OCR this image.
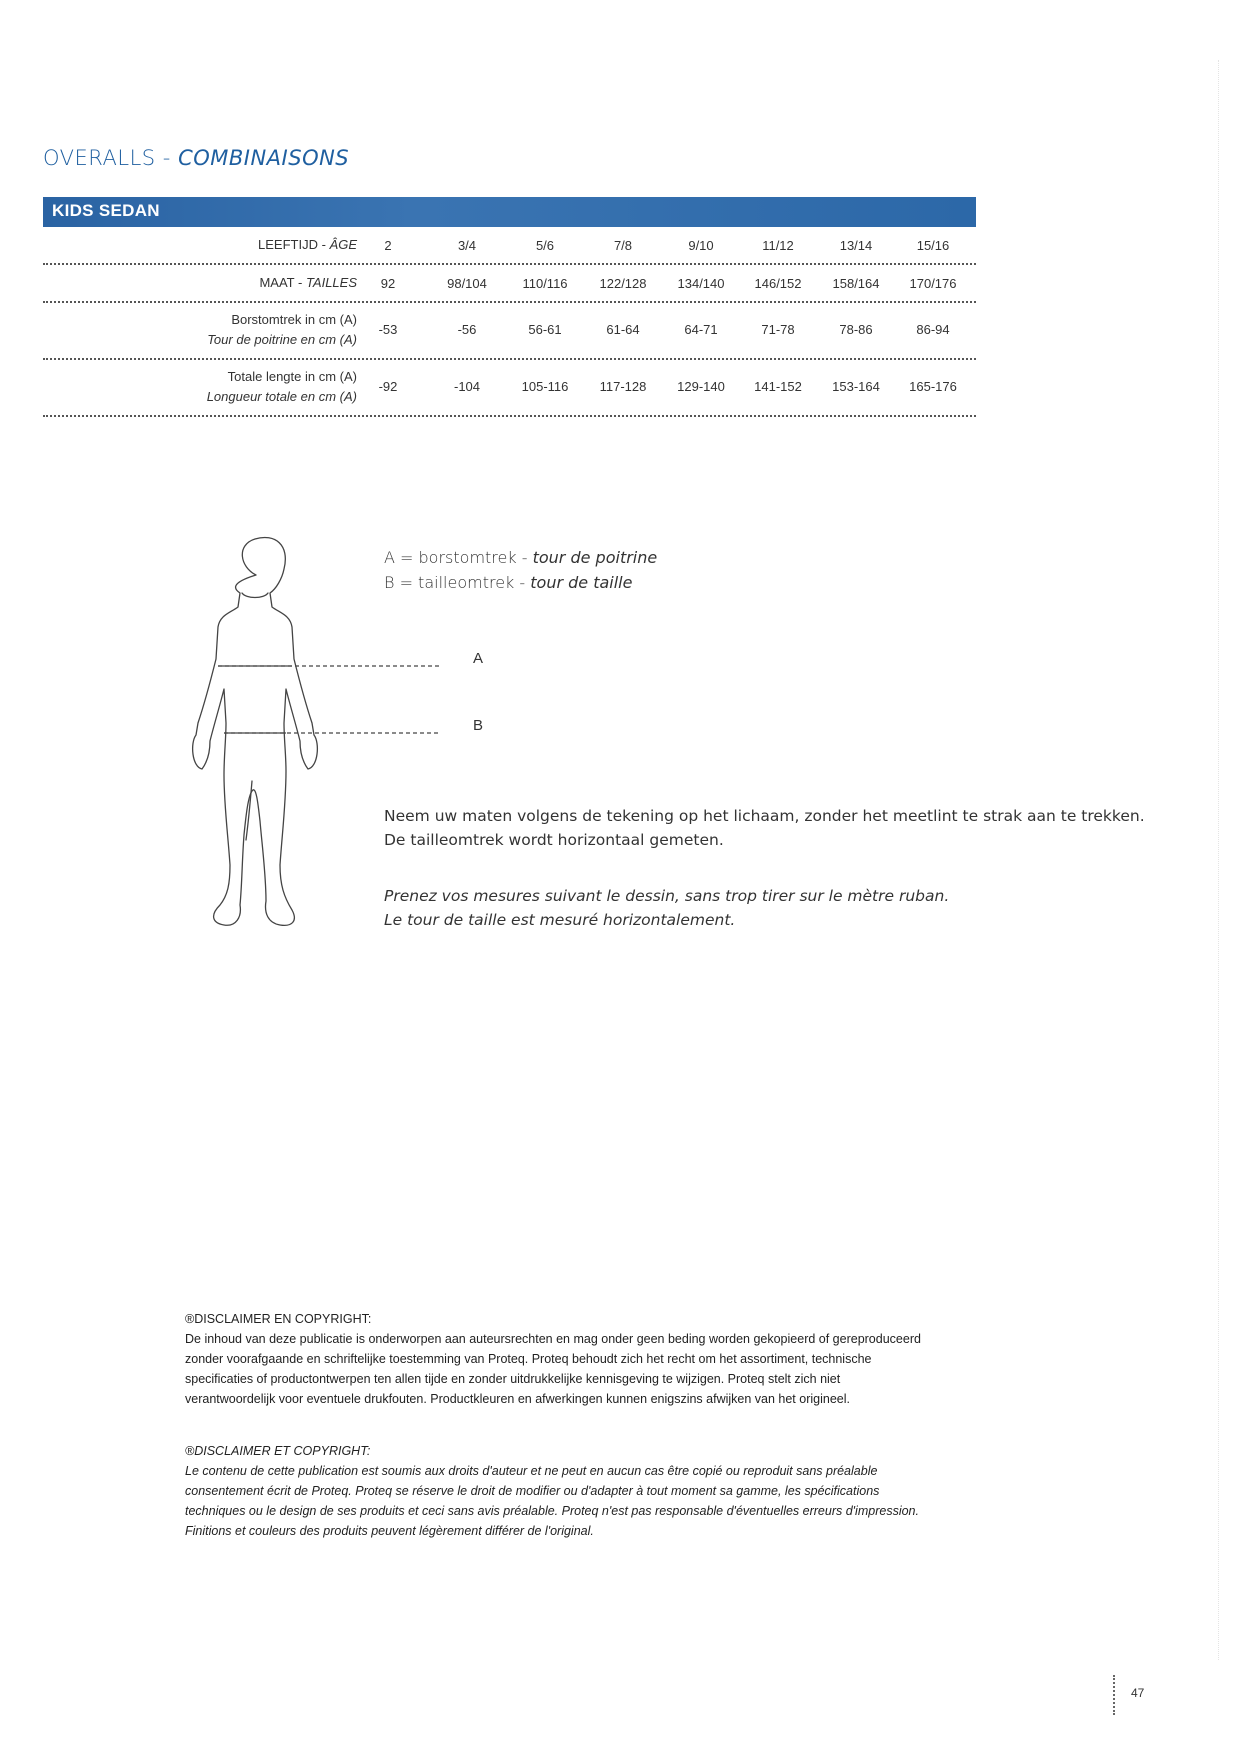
OVERALLS - COMBINAISONS
KIDS SEDAN
LEEFTIJD - ÂGE	2	3/4	5/6	7/8	9/10	11/12	13/14	15/16
MAAT - TAILLES	92	98/104	110/116	122/128	134/140	146/152	158/164	170/176
Borstomtrek in cm (A)
Tour de poitrine en cm (A)
-53	-56	56-61	61-64	64-71	71-78	78-86	86-94
Totale lengte in cm (A)
Longueur totale en cm (A)
-92	-104	105-116	117-128	129-140	141-152	153-164	165-176
A
B
A = borstomtrek - tour de poitrine
B = tailleomtrek - tour de taille
Neem uw maten volgens de tekening op het lichaam, zonder het meetlint te strak aan te trekken.
De tailleomtrek wordt horizontaal gemeten.
Prenez vos mesures suivant le dessin, sans trop tirer sur le mètre ruban.
Le tour de taille est mesuré horizontalement.
®DISCLAIMER EN COPYRIGHT:
De inhoud van deze publicatie is onderworpen aan auteursrechten en mag onder geen beding worden gekopieerd of gereproduceerd
zonder voorafgaande en schriftelijke toestemming van Proteq. Proteq behoudt zich het recht om het assortiment, technische
specificaties of productontwerpen ten allen tijde en zonder uitdrukkelijke kennisgeving te wijzigen. Proteq stelt zich niet
verantwoordelijk voor eventuele drukfouten. Productkleuren en afwerkingen kunnen enigszins afwijken van het origineel.
®DISCLAIMER ET COPYRIGHT:
Le contenu de cette publication est soumis aux droits d'auteur et ne peut en aucun cas être copié ou reproduit sans préalable
consentement écrit de Proteq. Proteq se réserve le droit de modifier ou d'adapter à tout moment sa gamme, les spécifications
techniques ou le design de ses produits et ceci sans avis préalable. Proteq n'est pas responsable d'éventuelles erreurs d'impression.
Finitions et couleurs des produits peuvent légèrement différer de l'original.
47
